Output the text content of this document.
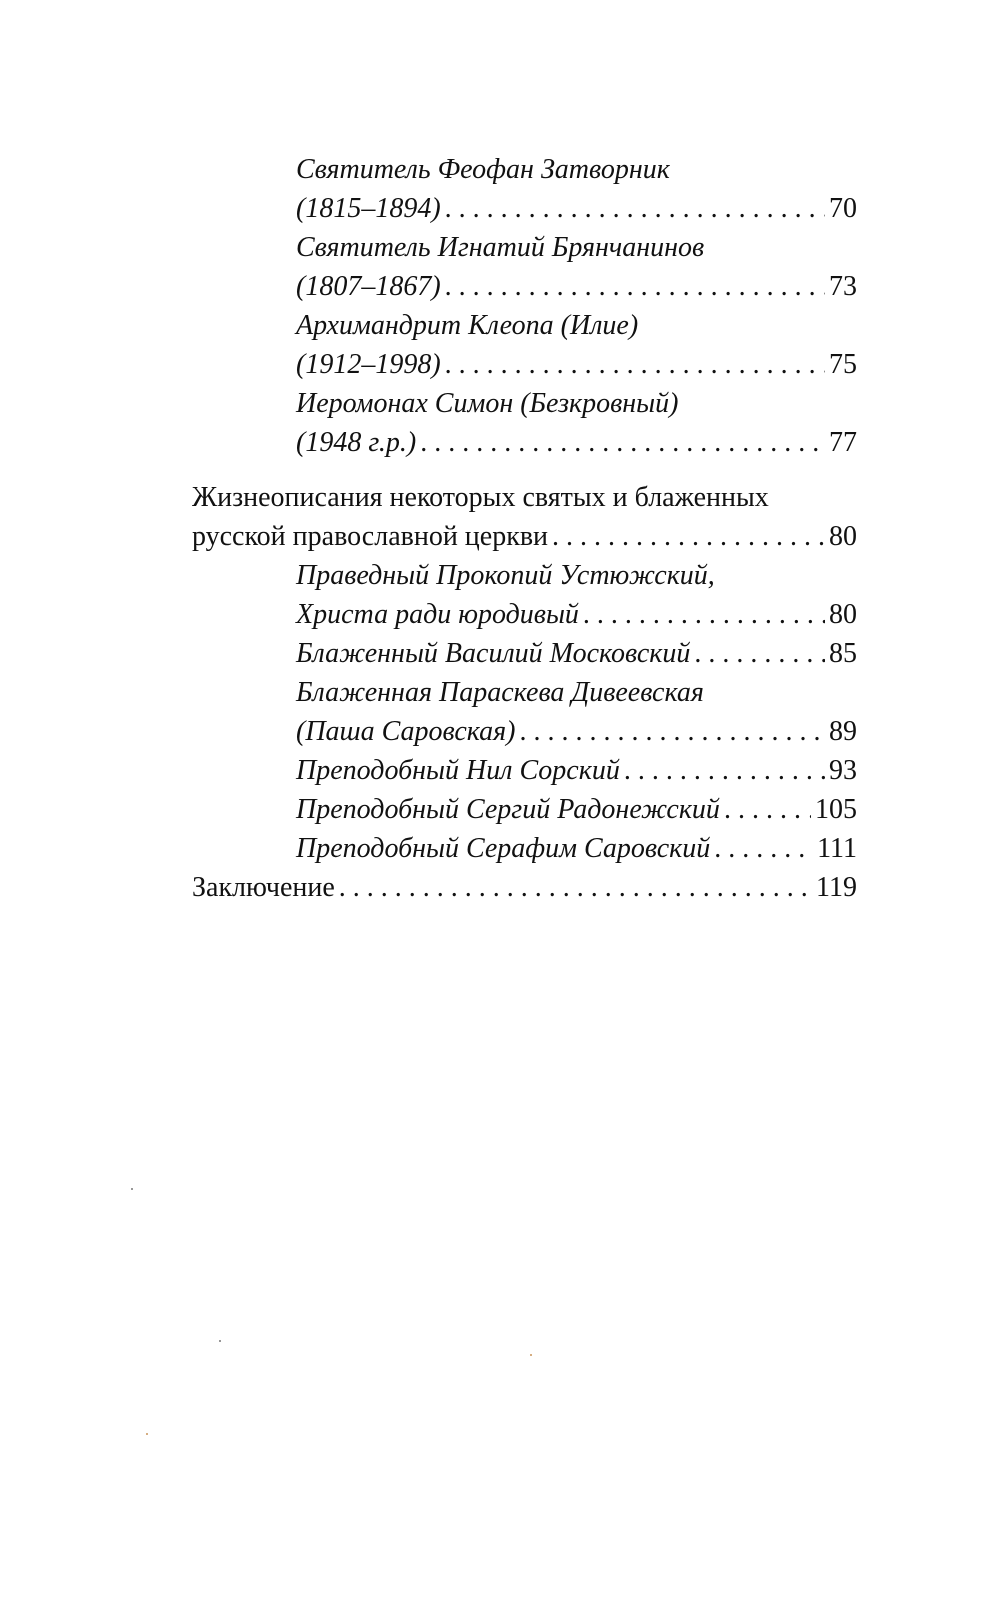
Святитель Феофан Затворник
(1815–1894) . . .	70
Святитель Игнатий Брянчанинов
(1807–1867) . . .	73
Архимандрит Клеопа (Илие)
(1912–1998) . . .	75
Иеромонах Симон (Безкровный)
(1948 г.р.) . . .	77
Жизнеописания некоторых святых и блаженных
русской православной церкви . . .	80
Праведный Прокопий Устюжский,
Христа ради юродивый . . .	80
Блаженный Василий Московский . . .	85
Блаженная Параскева Дивеевская
(Паша Саровская) . . .	89
Преподобный Нил Сорский . . .	93
Преподобный Сергий Радонежский . . .	105
Преподобный Серафим Саровский . . .	111
Заключение . . .	119
